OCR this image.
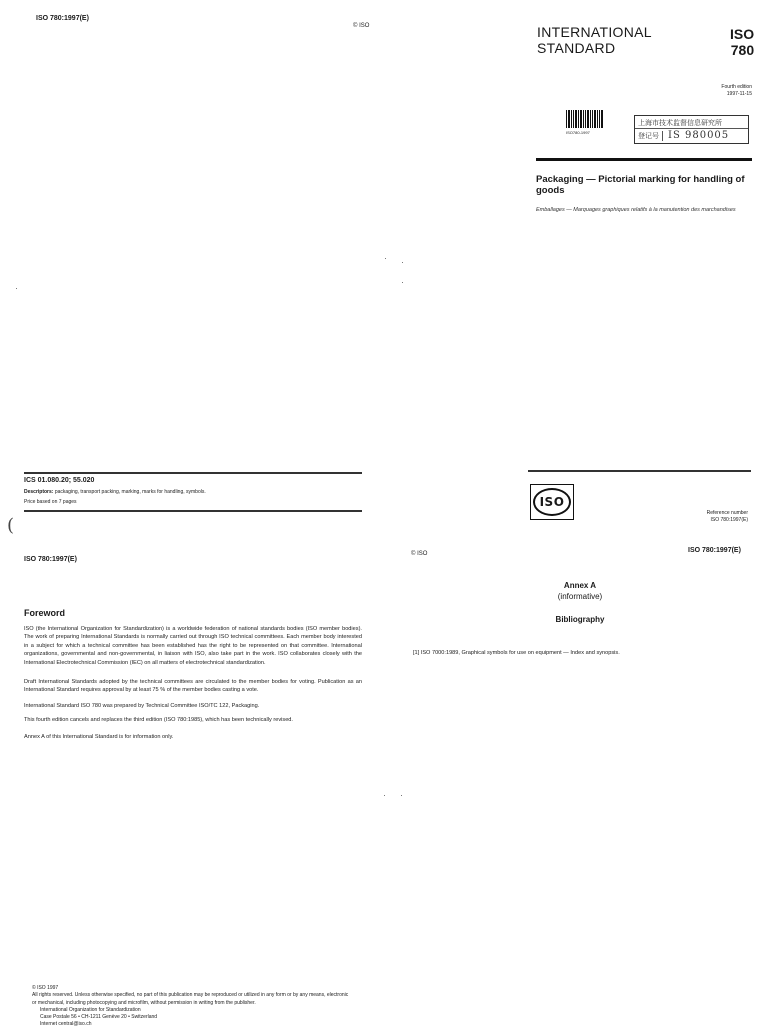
ISO 780:1997(E)
© ISO	INTERNATIONAL
STANDARD
ISO
780
Fourth edition
1997-11-15
ISO780-1997
上海市技术监督信息研究所
登记号 IS 980005
Packaging — Pictorial marking for handling of goods
Emballages — Marquages graphiques relatifs à la manutention des marchandises
ICS 01.080.20; 55.020
Descriptors: packaging, transport packing, marking, marks for handling, symbols.
Price based on 7 pages
(
ISO
Reference number
ISO 780:1997(E)
ISO 780:1997(E)
© ISO
Foreword
ISO (the International Organization for Standardization) is a worldwide federation of national standards bodies (ISO member bodies). The work of preparing International Standards is normally carried out through ISO technical committees. Each member body interested in a subject for which a technical committee has been established has the right to be represented on that committee. International organizations, governmental and non-governmental, in liaison with ISO, also take part in the work. ISO collaborates closely with the International Electrotechnical Commission (IEC) on all matters of electrotechnical standardization.
Draft International Standards adopted by the technical committees are circulated to the member bodies for voting. Publication as an International Standard requires approval by at least 75 % of the member bodies casting a vote.
International Standard ISO 780 was prepared by Technical Committee ISO/TC 122, Packaging.
This fourth edition cancels and replaces the third edition (ISO 780:1985), which has been technically revised.
Annex A of this International Standard is for information only.
ISO 780:1997(E)
Annex A
(informative)
Bibliography
[1] ISO 7000:1989, Graphical symbols for use on equipment — Index and synopsis.
© ISO 1997
All rights reserved. Unless otherwise specified, no part of this publication may be reproduced or utilized in any form or by any means, electronic
or mechanical, including photocopying and microfilm, without permission in writing from the publisher.
International Organization for Standardization
Case Postale 56 • CH-1211 Genève 20 • Switzerland
Internet central@iso.ch
